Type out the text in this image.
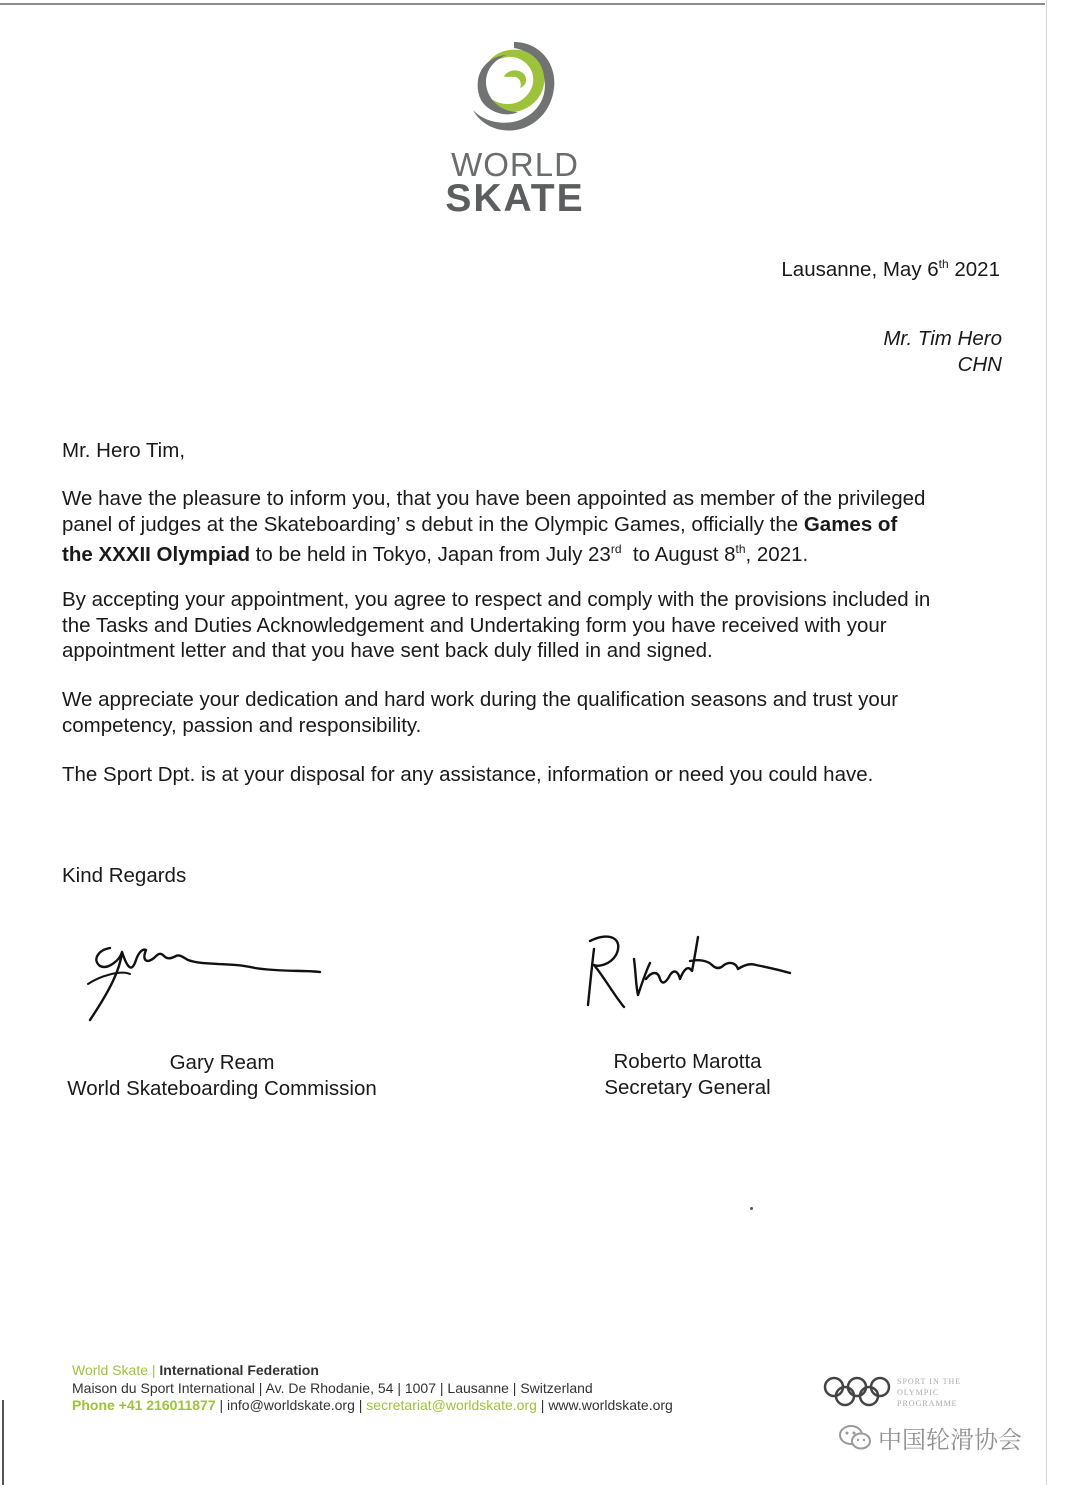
WORLD
SKATE
Lausanne, May 6th 2021
Mr. Tim Hero
CHN
Mr. Hero Tim,
We have the pleasure to inform you, that you have been appointed as member of the privileged
panel of judges at the Skateboarding’ s debut in the Olympic Games, officially the Games of
the XXXII Olympiad to be held in Tokyo, Japan from July 23rd  to August 8th, 2021.
By accepting your appointment, you agree to respect and comply with the provisions included in
the Tasks and Duties Acknowledgement and Undertaking form you have received with your
appointment letter and that you have sent back duly filled in and signed.
We appreciate your dedication and hard work during the qualification seasons and trust your
competency, passion and responsibility.
The Sport Dpt. is at your disposal for any assistance, information or need you could have.
Kind Regards
Gary Ream
World Skateboarding Commission
Roberto Marotta
Secretary General
World Skate | International Federation
Maison du Sport International | Av. De Rhodanie, 54 | 1007 | Lausanne | Switzerland
Phone +41 216011877 | info@worldskate.org | secretariat@worldskate.org | www.worldskate.org
SPORT IN THE
OLYMPIC
PROGRAMME
中国轮滑协会
